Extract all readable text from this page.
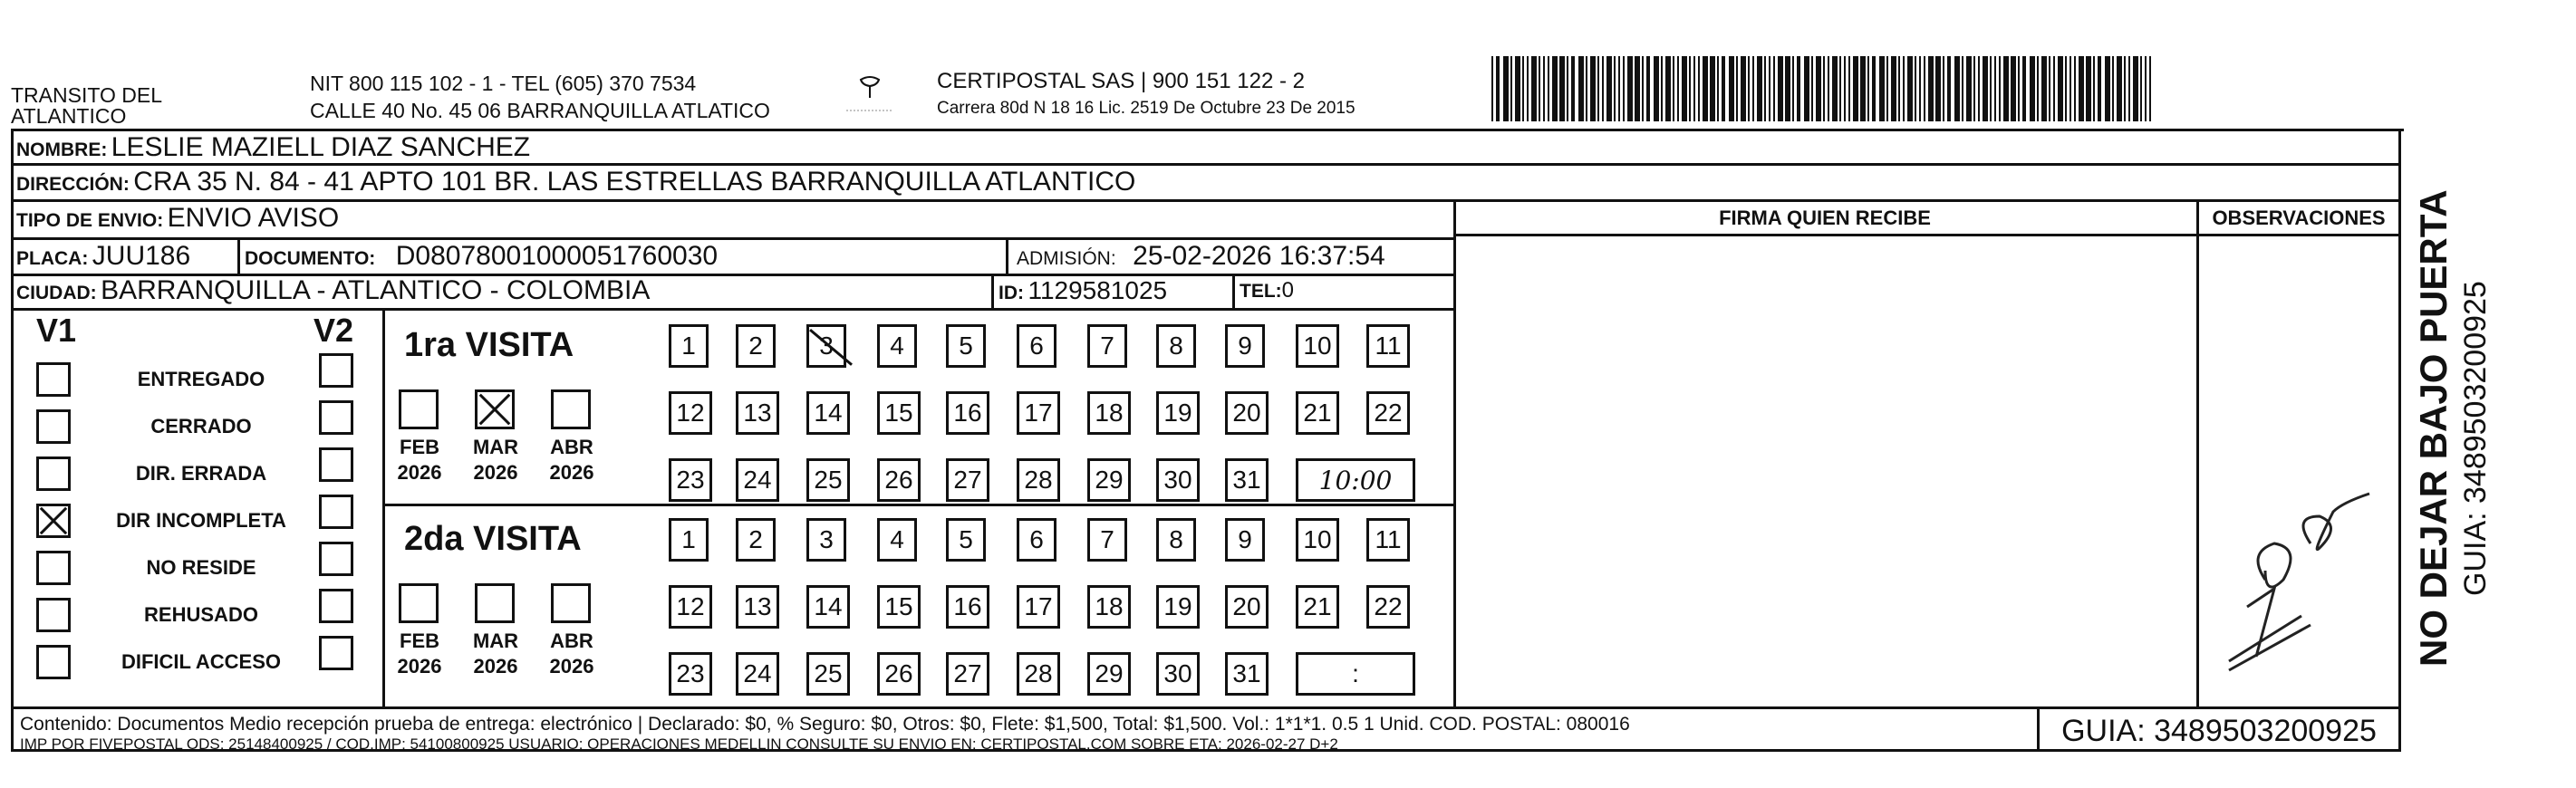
TRANSITO DEL ATLANTICO
NIT 800 115 102 - 1 - TEL (605) 370 7534
CALLE 40 No. 45 06 BARRANQUILLA ATLATICO
CERTIPOSTAL SAS | 900 151 122 - 2
Carrera 80d N 18 16 Lic. 2519 De Octubre 23 De 2015
NOMBRE: LESLIE MAZIELL DIAZ SANCHEZ
DIRECCIÓN: CRA 35 N. 84 - 41 APTO 101 BR. LAS ESTRELLAS BARRANQUILLA ATLANTICO
TIPO DE ENVIO: ENVIO AVISO
PLACA: JUU186	DOCUMENTO: D08078001000051760030	ADMISIÓN: 25-02-2026 16:37:54
CIUDAD: BARRANQUILLA - ATLANTICO - COLOMBIA	ID: 1129581025	TEL:0
FIRMA QUIEN RECIBE	OBSERVACIONES
V1	V2 1ra VISITA
2da VISITA
Contenido: Documentos Medio recepción prueba de entrega: electrónico | Declarado: $0, % Seguro: $0, Otros: $0, Flete: $1,500, Total: $1,500. Vol.: 1*1*1. 0.5 1 Unid. COD. POSTAL: 080016
IMP POR FIVEPOSTAL ODS: 25148400925 / COD.IMP: 54100800925 USUARIO: OPERACIONES MEDELLIN CONSULTE SU ENVIO EN: CERTIPOSTAL.COM SOBRE ETA: 2026-02-27 D+2	GUIA: 3489503200925
NO DEJAR BAJO PUERTA GUIA: 3489503200925
ENTREGADO
CERRADO
DIR. ERRADA
DIR INCOMPLETA
NO RESIDE
REHUSADO
DIFICIL ACCESO
FEB
2026
MAR
2026
ABR
2026
FEB
2026
MAR
2026
ABR
2026
1	2	3	4	5	6	7	8	9	10	11
12	13	14	15	16	17	18	19	20	21	22
23	24	25	26	27	28	29	30	31	10:00
1	2	3	4	5	6	7	8	9	10	11
12	13	14	15	16	17	18	19	20	21	22
23	24	25	26	27	28	29	30	31	:
